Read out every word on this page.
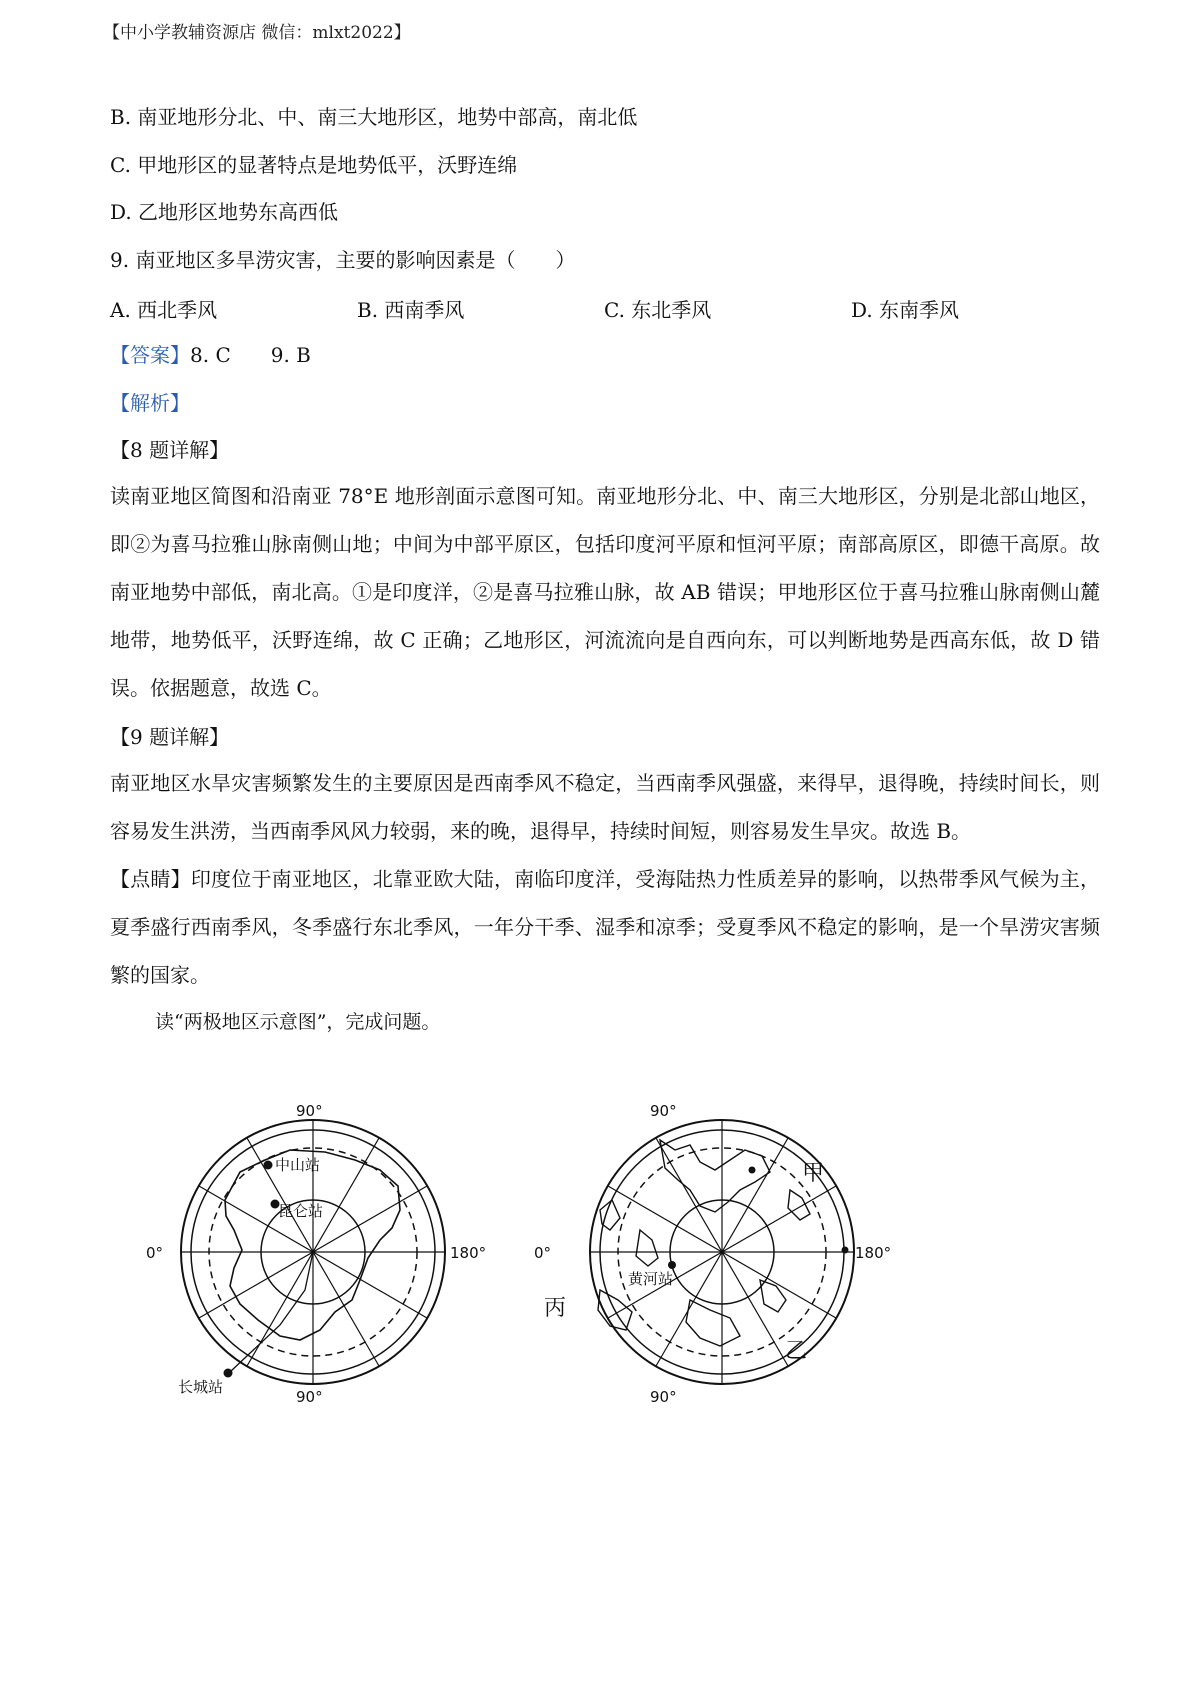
【中小学教辅资源店 微信：mlxt2022】
B. 南亚地形分北、中、南三大地形区，地势中部高，南北低
C. 甲地形区的显著特点是地势低平，沃野连绵
D. 乙地形区地势东高西低
9. 南亚地区多旱涝灾害，主要的影响因素是（　　）
A. 西北季风	B. 西南季风	C. 东北季风	D. 东南季风
【答案】8. C　　9. B
【解析】
【8 题详解】
读南亚地区简图和沿南亚 78°E 地形剖面示意图可知。南亚地形分北、中、南三大地形区，分别是北部山地区，即②为喜马拉雅山脉南侧山地；中间为中部平原区，包括印度河平原和恒河平原；南部高原区，即德干高原。故南亚地势中部低，南北高。①是印度洋，②是喜马拉雅山脉，故 AB 错误；甲地形区位于喜马拉雅山脉南侧山麓地带，地势低平，沃野连绵，故 C 正确；乙地形区，河流流向是自西向东，可以判断地势是西高东低，故 D 错误。依据题意，故选 C。
【9 题详解】
南亚地区水旱灾害频繁发生的主要原因是西南季风不稳定，当西南季风强盛，来得早，退得晚，持续时间长，则容易发生洪涝，当西南季风风力较弱，来的晚，退得早，持续时间短，则容易发生旱灾。故选 B。
【点睛】印度位于南亚地区，北靠亚欧大陆，南临印度洋，受海陆热力性质差异的影响，以热带季风气候为主，夏季盛行西南季风，冬季盛行东北季风，一年分干季、湿季和凉季；受夏季风不稳定的影响，是一个旱涝灾害频繁的国家。
读“两极地区示意图”，完成问题。
90°
90°
0°	180°
中山站
昆仑站
长城站
90°
90°
0°	180°
黄河站
甲
乙
丙
